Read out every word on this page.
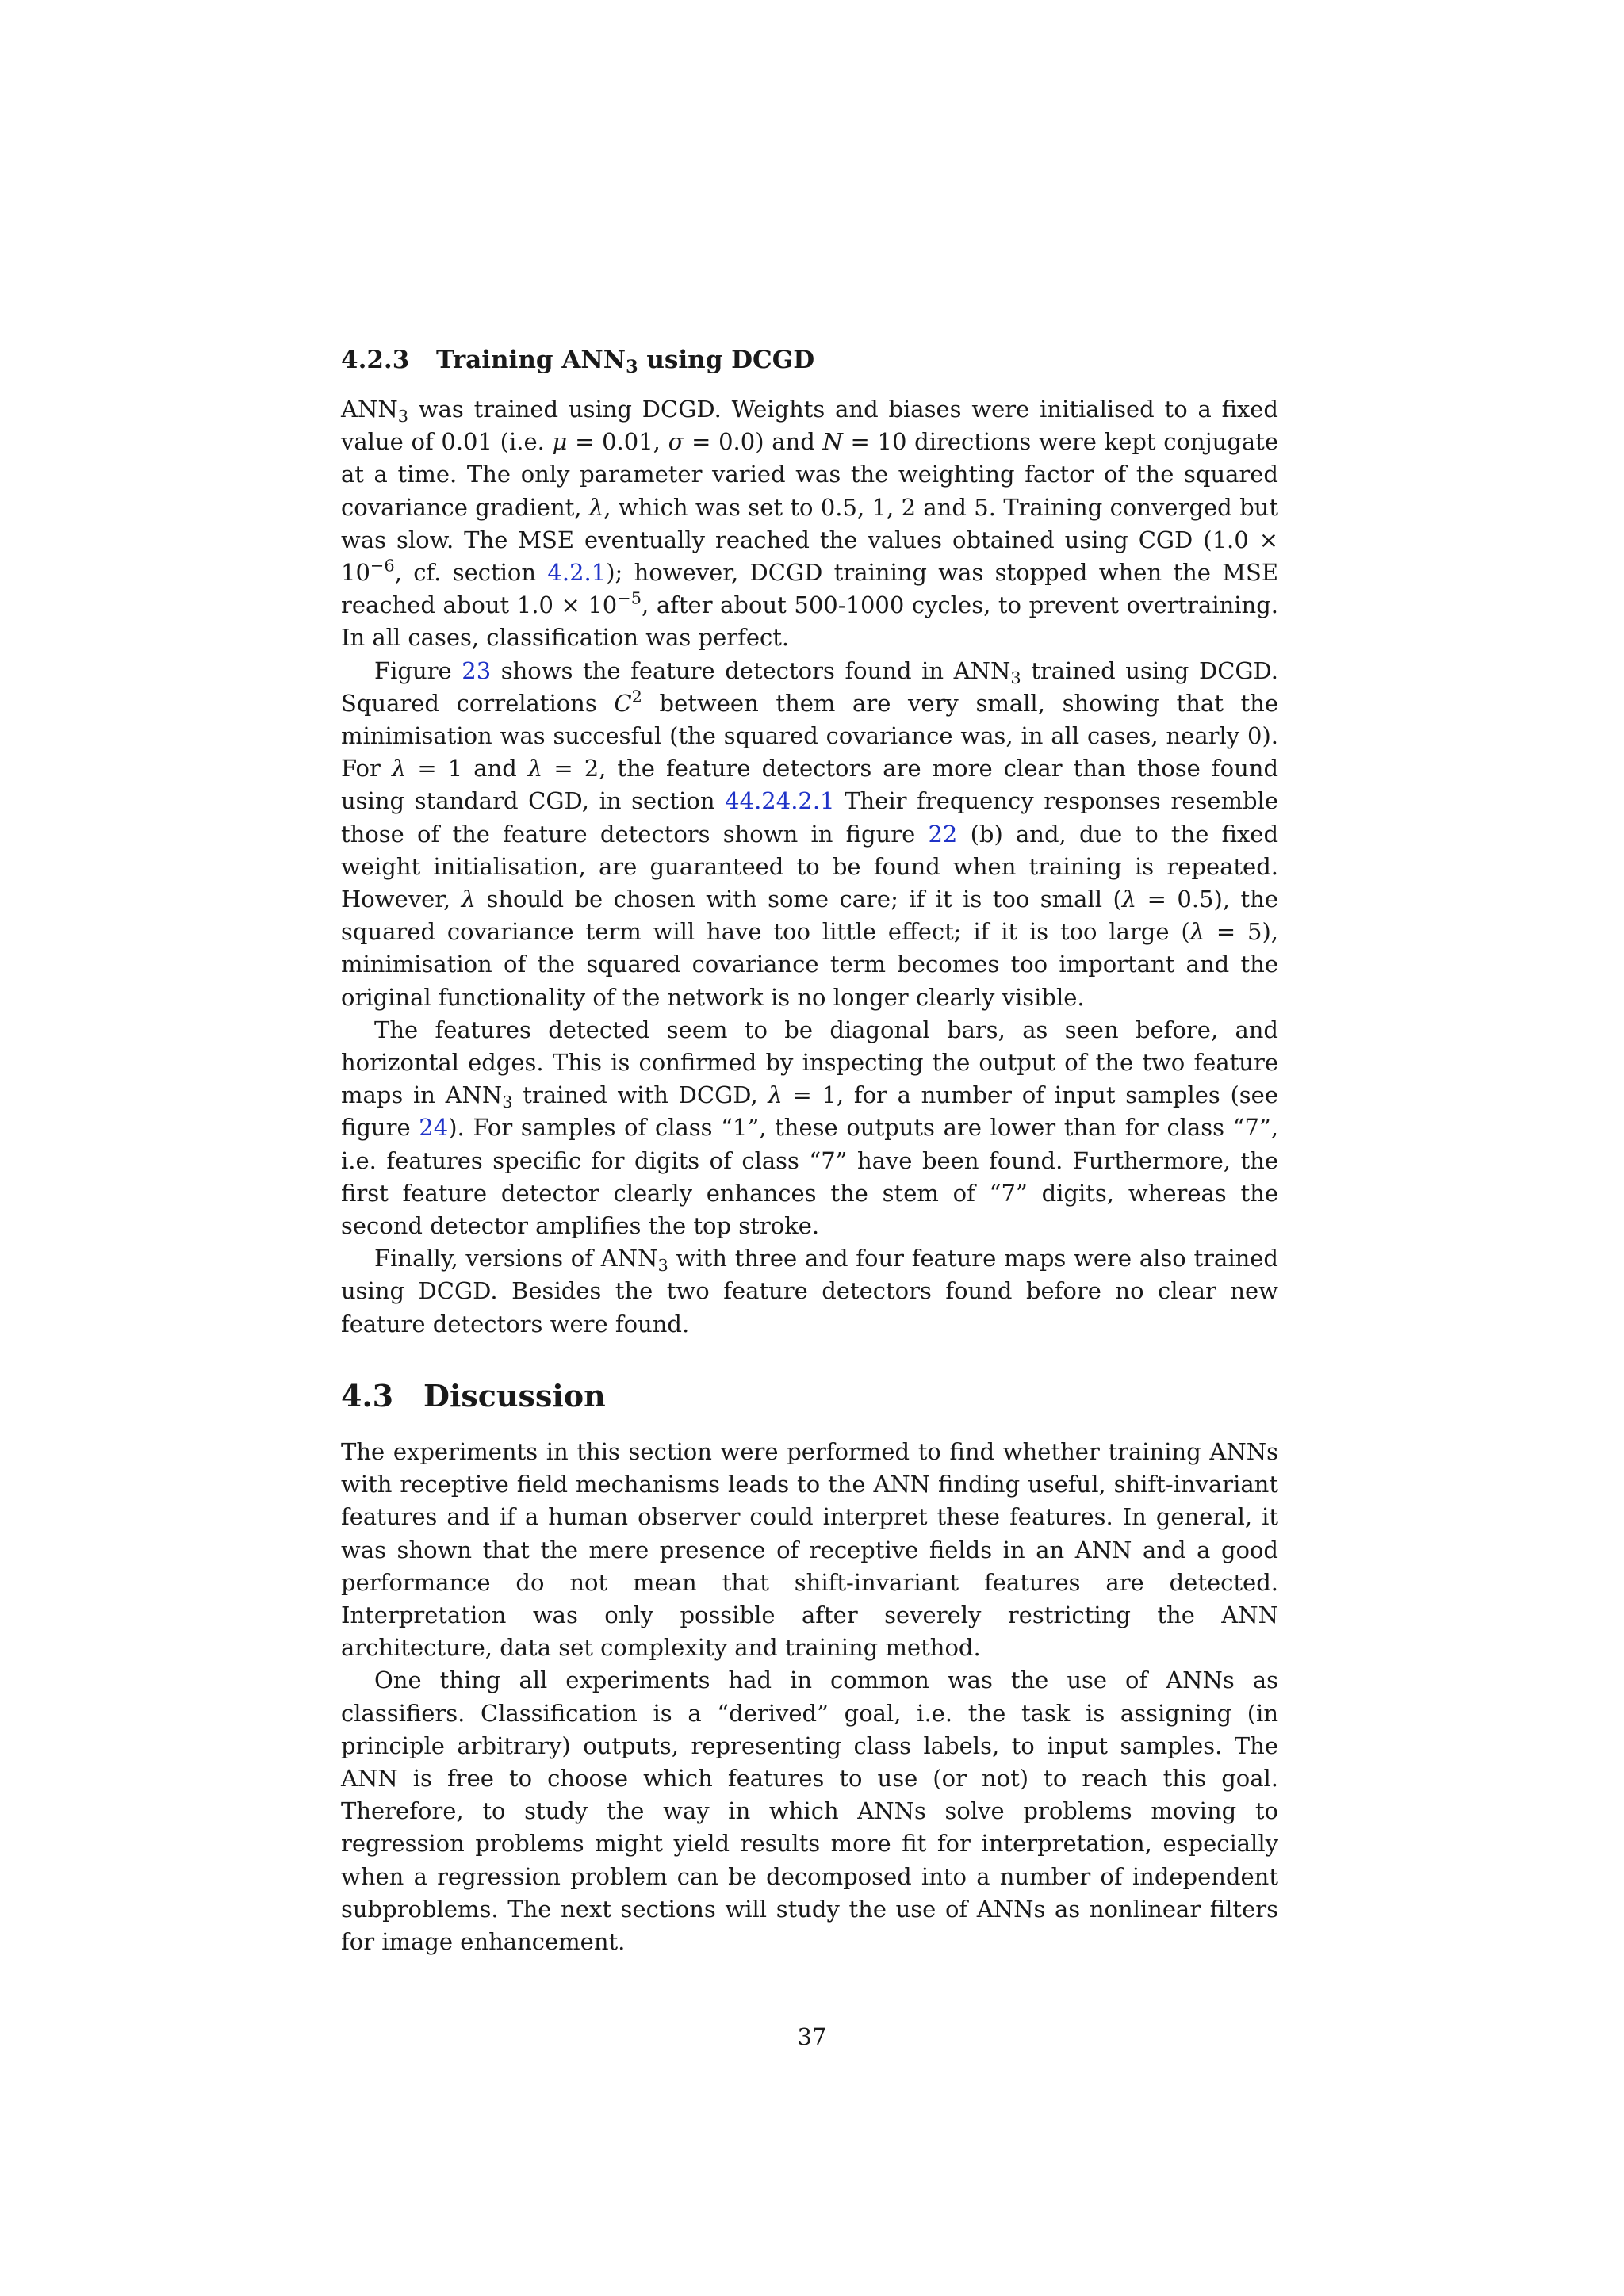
4.2.3 Training $ANN_3$ using DCGD

$ANN_3$ was trained using DCGD. Weights and biases were initialised to a fixed value of 0.01 (i.e. μ = 0.01, σ = 0.0) and N = 10 directions were kept conjugate at a time. The only parameter varied was the weighting factor of the squared covariance gradient, λ, which was set to 0.5, 1, 2 and 5. Training converged but was slow. The MSE eventually reached the values obtained using CGD ($1.0 \times 10^{-6}$, cf. section 4.2.1); however, DCGD training was stopped when the MSE reached about $1.0 \times 10^{-5}$, after about 500-1000 cycles, to prevent overtraining. In all cases, classification was perfect.

Figure 23 shows the feature detectors found in $ANN_3$ trained using DCGD. Squared correlations $C^2$ between them are very small, showing that the minimisation was succesful (the squared covariance was, in all cases, nearly 0). For λ = 1 and λ = 2, the feature detectors are more clear than those found using standard CGD, in section 44.24.2.1 Their frequency responses resemble those of the feature detectors shown in figure 22 (b) and, due to the fixed weight initialisation, are guaranteed to be found when training is repeated. However, λ should be chosen with some care; if it is too small (λ = 0.5), the squared covariance term will have too little effect; if it is too large (λ = 5), minimisation of the squared covariance term becomes too important and the original functionality of the network is no longer clearly visible.

The features detected seem to be diagonal bars, as seen before, and horizontal edges. This is confirmed by inspecting the output of the two feature maps in $ANN_3$ trained with DCGD, λ = 1, for a number of input samples (see figure 24). For samples of class “1”, these outputs are lower than for class “7”, i.e. features specific for digits of class “7” have been found. Furthermore, the first feature detector clearly enhances the stem of “7” digits, whereas the second detector amplifies the top stroke.

Finally, versions of $ANN_3$ with three and four feature maps were also trained using DCGD. Besides the two feature detectors found before no clear new feature detectors were found.

4.3 Discussion

The experiments in this section were performed to find whether training ANNs with receptive field mechanisms leads to the ANN finding useful, shift-invariant features and if a human observer could interpret these features. In general, it was shown that the mere presence of receptive fields in an ANN and a good performance do not mean that shift-invariant features are detected. Interpretation was only possible after severely restricting the ANN architecture, data set complexity and training method.

One thing all experiments had in common was the use of ANNs as classifiers. Classification is a “derived” goal, i.e. the task is assigning (in principle arbitrary) outputs, representing class labels, to input samples. The ANN is free to choose which features to use (or not) to reach this goal. Therefore, to study the way in which ANNs solve problems moving to regression problems might yield results more fit for interpretation, especially when a regression problem can be decomposed into a number of independent subproblems. The next sections will study the use of ANNs as nonlinear filters for image enhancement.

37
